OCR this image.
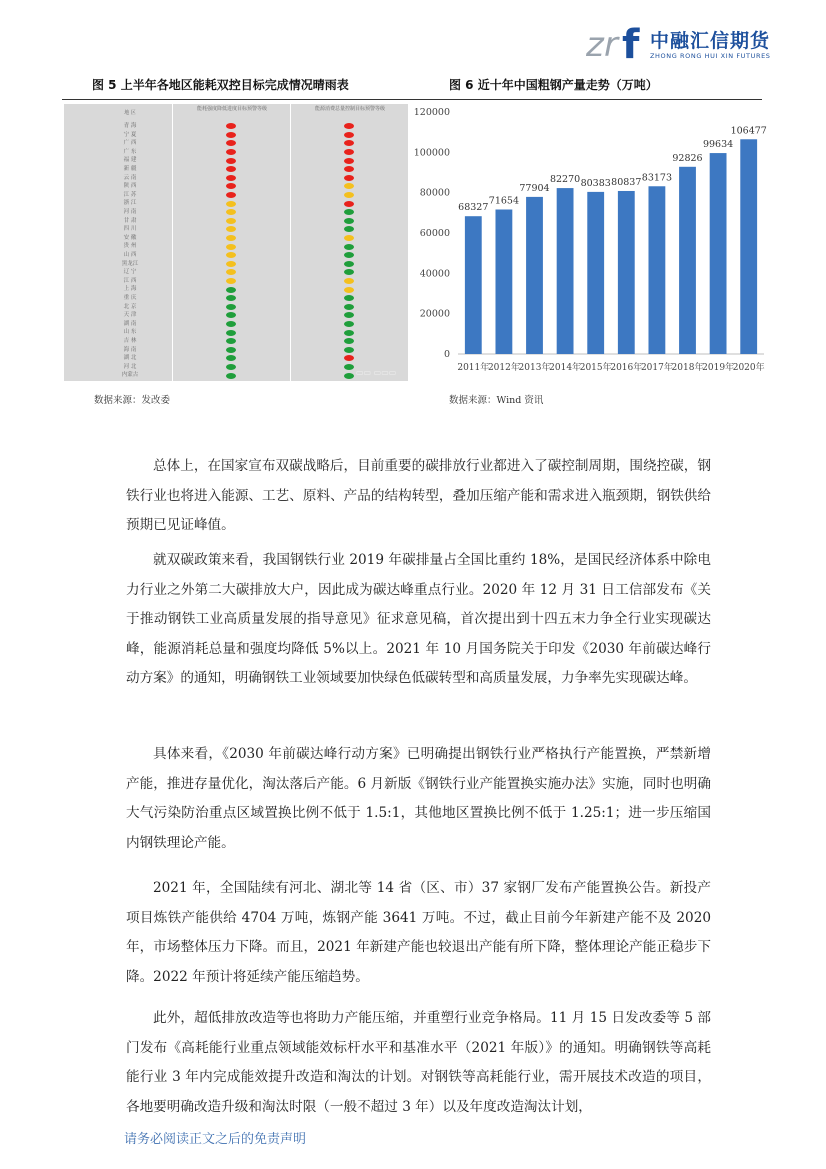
z r f 中融汇信期货
ZHONG RONG HUI XIN FUTURES
图 5 上半年各地区能耗双控目标完成情况晴雨表	图 6 近十年中国粗钢产量走势（万吨）
地 区
能耗强度降低进度目标预警等级	能源消费总量控制目标预警等级
青 海
宁 夏
广 西
广 东
福 建
新 疆
云 南
陕 西
江 苏
浙 江
河 南
甘 肃
四 川
安 徽
贵 州
山 西
黑龙江
辽 宁
江 西
上 海
重 庆
北 京
天 津
湖 南
山 东
吉 林
海 南
湖 北
河 北
内蒙古	▭▭ ▭▭▭
0
20000
40000
60000
80000
100000
120000
68327
71654
77904
82270 80383 80837 83173
92826
99634
106477
2011年
2012年
2013年
2014年
2015年
2016年
2017年
2018年
2019年
2020年
数据来源：发改委	数据来源：Wind 资讯

总体上，在国家宣布双碳战略后，目前重要的碳排放行业都进入了碳控制周期，围绕控碳，钢铁行业也将进入能源、工艺、原料、产品的结构转型，叠加压缩产能和需求进入瓶颈期，钢铁供给预期已见证峰值。

就双碳政策来看，我国钢铁行业 2019 年碳排量占全国比重约 18%，是国民经济体系中除电力行业之外第二大碳排放大户，因此成为碳达峰重点行业。2020 年 12 月 31 日工信部发布《关于推动钢铁工业高质量发展的指导意见》征求意见稿，首次提出到十四五末力争全行业实现碳达峰，能源消耗总量和强度均降低 5%以上。2021 年 10 月国务院关于印发《2030 年前碳达峰行动方案》的通知，明确钢铁工业领域要加快绿色低碳转型和高质量发展，力争率先实现碳达峰。

具体来看，《2030 年前碳达峰行动方案》已明确提出钢铁行业严格执行产能置换，严禁新增产能，推进存量优化，淘汰落后产能。6 月新版《钢铁行业产能置换实施办法》实施，同时也明确大气污染防治重点区域置换比例不低于 1.5:1，其他地区置换比例不低于 1.25:1；进一步压缩国内钢铁理论产能。

2021 年，全国陆续有河北、湖北等 14 省（区、市）37 家钢厂发布产能置换公告。新投产项目炼铁产能供给 4704 万吨，炼钢产能 3641 万吨。不过，截止目前今年新建产能不及 2020 年，市场整体压力下降。而且，2021 年新建产能也较退出产能有所下降，整体理论产能正稳步下降。2022 年预计将延续产能压缩趋势。

此外，超低排放改造等也将助力产能压缩，并重塑行业竞争格局。11 月 15 日发改委等 5 部门发布《高耗能行业重点领域能效标杆水平和基准水平（2021 年版）》的通知。明确钢铁等高耗能行业 3 年内完成能效提升改造和淘汰的计划。对钢铁等高耗能行业，需开展技术改造的项目，各地要明确改造升级和淘汰时限（一般不超过 3 年）以及年度改造淘汰计划，

请务必阅读正文之后的免责声明
